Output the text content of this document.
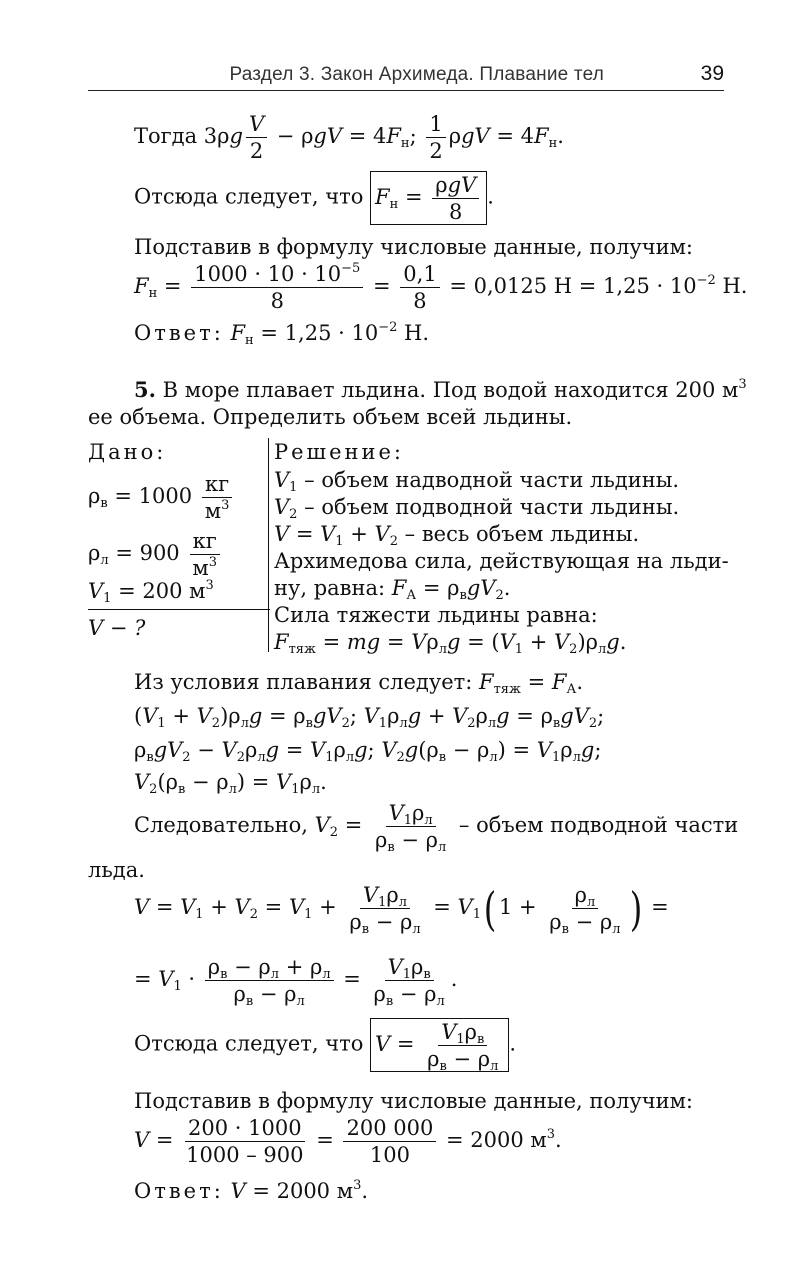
Раздел 3. Закон Архимеда. Плавание тел	39
Тогда $3\rho g \frac{V}{2} - \rho gV = 4F_н$; $\frac{1}{2}$ $\rho gV = 4F_н$.
Отсюда следует, что $F_н = \frac{\text{ρgV}}{8}$ .
Подставив в формулу числовые данные, получим:
$F_н = \frac{1000 \cdot 10 \cdot 10^{-5}}{8} = \frac{0,1}{8} = 0,0125$ $Н = 1,25 \cdot 10^{-2}$ Н.
Ответ: $F_н = 1,25 \cdot 10^{-2}$ Н.
5. В море плавает льдина. Под водой находится 200 $м^3$
ее объема. Определить объем всей льдины.
Дано:
$\rho_в = 1000 \frac{кг}{м^3}$
$\rho_л = 900 \frac{кг}{м^3}$
$V_1 = 200$ $м^3$
V − ?
Решение:
$V_1$ – объем надводной части льдины.
$V_2$ – объем подводной части льдины.
$V = V_1 + V_2$ – весь объем льдины.
Архимедова сила, действующая на льди-
ну, равна: $F_А = \rho_вgV_2$.
Сила тяжести льдины равна:
$F_{тяж}$ = mg = $V\rho_лg = (V_1 + V_2)\rho_лg$.
Из условия плавания следует: $F_{тяж} = F_А$.
$(V_1 + V_2)\rho_лg = \rho_вgV_2$; $V_1\rho_лg + V_2\rho_лg = \rho_вgV_2$;
$\rho_вgV_2 - V_2\rho_лg = V_1\rho_лg$; $V_2g(\rho_в - \rho_л) = V_1\rho_лg$;
$V_2(\rho_в - \rho_л) = V_1\rho_л$.
Следовательно, $V_2 = \frac{V_1\rho_л}{\rho_в - \rho_л}$ – объем подводной части
льда.
$V = V_1 + V_2 = V_1 + \frac{V_1\rho_л}{\rho_в - \rho_л} = V_1$( $1 + \frac{\rho_л}{\rho_в - \rho_л}$ ) =
= $V_1 \cdot \frac{\rho_в - \rho_л + \rho_л}{\rho_в - \rho_л} = \frac{V_1\rho_в}{\rho_в - \rho_л}$ .
Отсюда следует, что $V = \frac{V_1\rho_в}{\rho_в - \rho_л}$ .
Подставив в формулу числовые данные, получим:
$V = \frac{200 \cdot 1000}{1000 - 900} = \frac{200 000}{100} = 2000$ $м^3$.
Ответ: V = 2000 $м^3$.
